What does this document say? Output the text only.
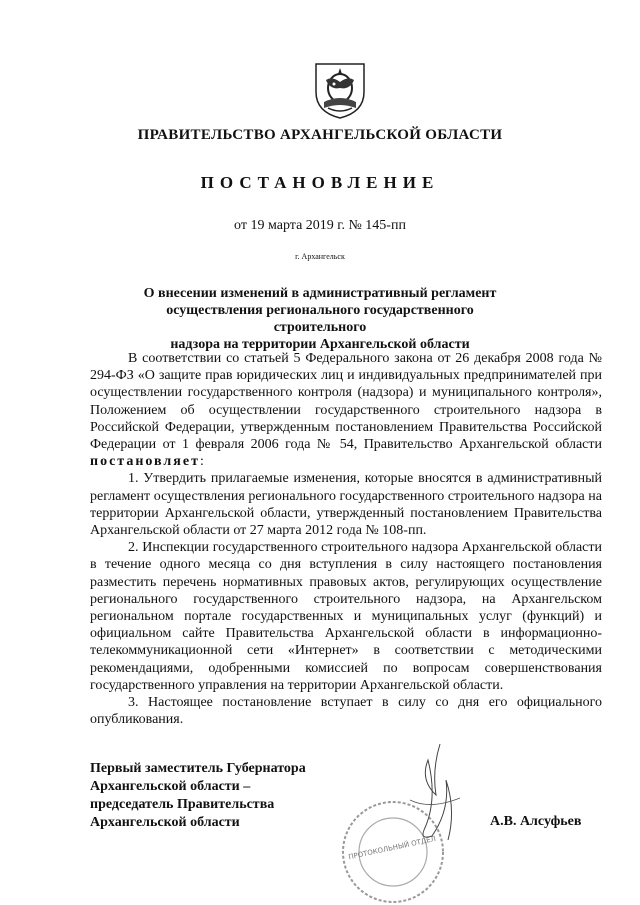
ПРАВИТЕЛЬСТВО АРХАНГЕЛЬСКОЙ ОБЛАСТИ
ПОСТАНОВЛЕНИЕ
от 19 марта 2019 г. № 145-пп
г. Архангельск
О внесении изменений в административный регламент
осуществления регионального государственного строительного
надзора на территории Архангельской области

В соответствии со статьей 5 Федерального закона от 26 декабря 2008 года № 294-ФЗ «О защите прав юридических лиц и индивидуальных предпринимателей при осуществлении государственного контроля (надзора) и муниципального контроля», Положением об осуществлении государственного строительного надзора в Российской Федерации, утвержденным постановлением Правительства Российской Федерации от 1 февраля 2006 года № 54, Правительство Архангельской области постановляет:

1. Утвердить прилагаемые изменения, которые вносятся в административный регламент осуществления регионального государственного строительного надзора на территории Архангельской области, утвержденный постановлением Правительства Архангельской области от 27 марта 2012 года № 108-пп.

2. Инспекции государственного строительного надзора Архангельской области в течение одного месяца со дня вступления в силу настоящего постановления разместить перечень нормативных правовых актов, регулирующих осуществление регионального государственного строительного надзора, на Архангельском региональном портале государственных и муниципальных услуг (функций) и официальном сайте Правительства Архангельской области в информационно-телекоммуникационной сети «Интернет» в соответствии с методическими рекомендациями, одобренными комиссией по вопросам совершенствования государственного управления на территории Архангельской области.

3. Настоящее постановление вступает в силу со дня его официального опубликования.

Первый заместитель Губернатора
Архангельской области –
председатель Правительства
Архангельской области
ПРОТОКОЛЬНЫЙ ОТДЕЛ
А.В. Алсуфьев
